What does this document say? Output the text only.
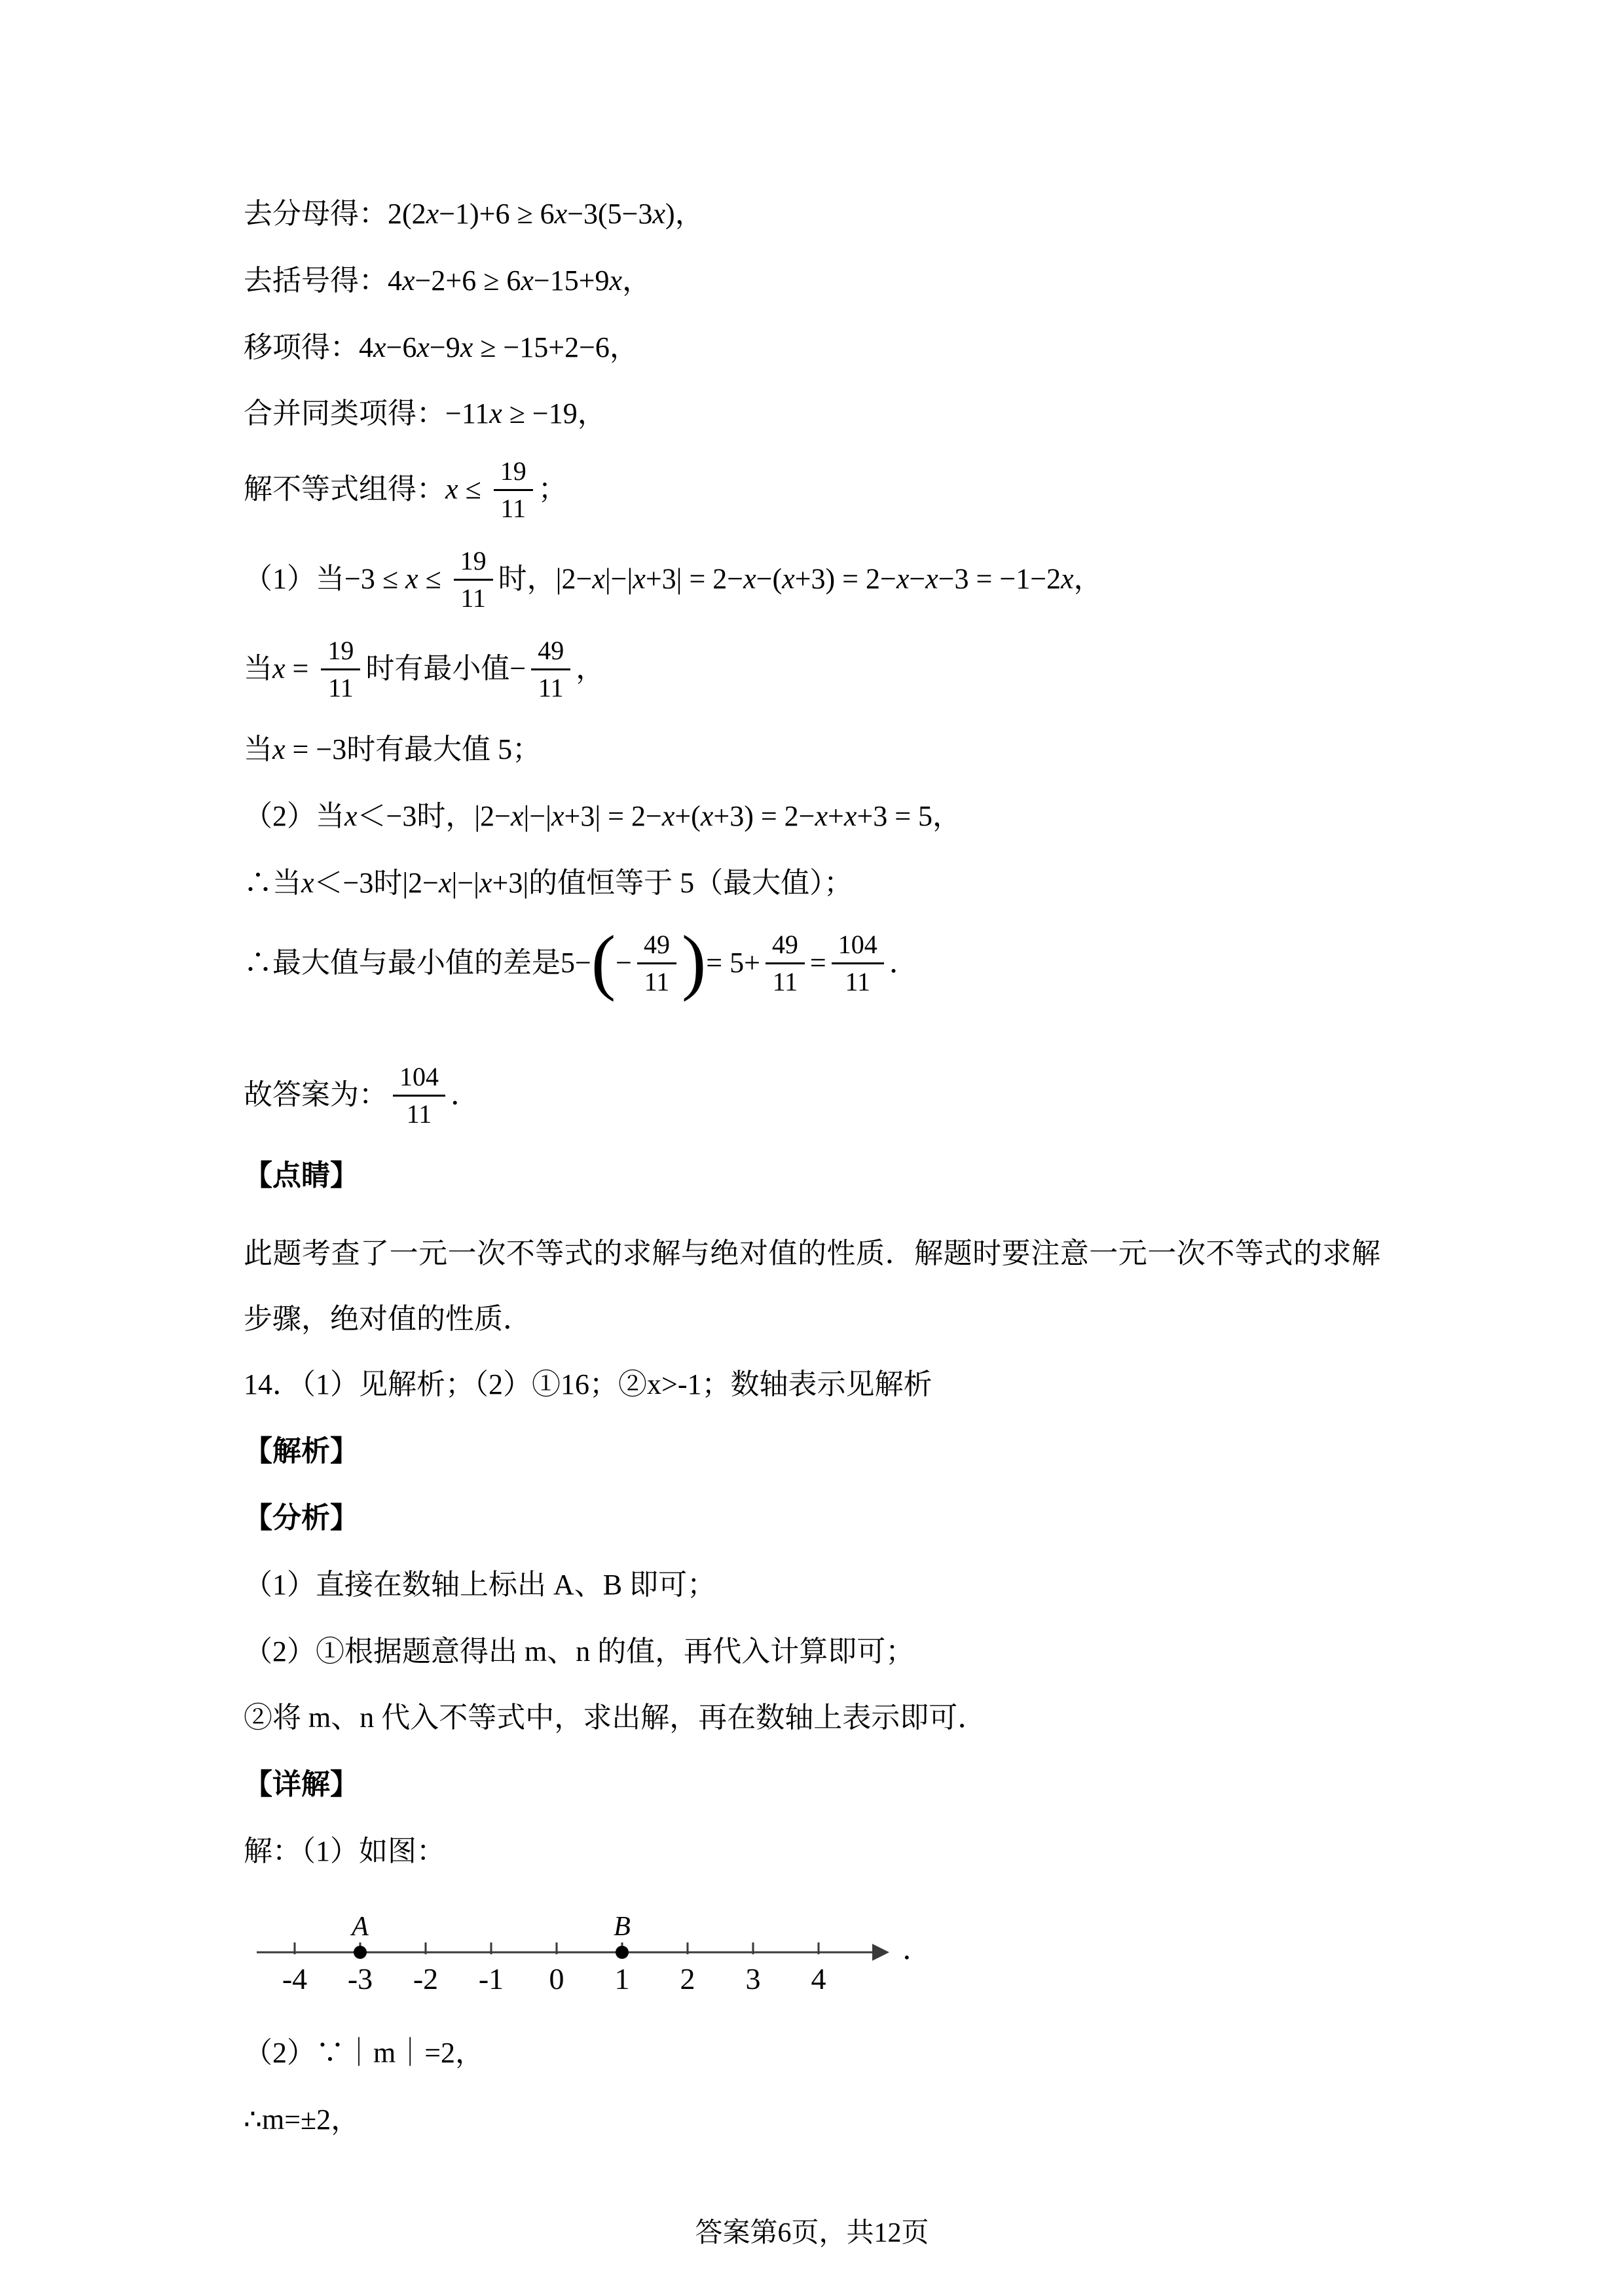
去分母得：2(2x−1)+6 ≥ 6x−3(5−3x)，
去括号得：4x−2+6 ≥ 6x−15+9x，
移项得：4x−6x−9x ≥ −15+2−6，
合并同类项得：−11x ≥ −19，
解不等式组得：$x \le \frac{19}{11}$ ；
（1）当$-3 \le x \le \frac{19}{11}$ 时，|2−x|−|x+3| = 2−x−(x+3) = 2−x−x−3 = −1−2x，
当$x = \frac{19}{11}$ 时有最小值− $\frac{49}{11}$ ，
当x = −3时有最大值 5；
（2）当x＜−3时，|2−x|−|x+3| = 2−x+(x+3) = 2−x+x+3 = 5，
∴当x＜−3时|2−x|−|x+3|的值恒等于 5（最大值）；
∴最大值与最小值的差是$5-(- \frac{49}{11}$ )= $5+ \frac{49}{11} = \frac{104}{11}$ ．
故答案为： $\frac{104}{11}$ ．
【点睛】
此题考查了一元一次不等式的求解与绝对值的性质．解题时要注意一元一次不等式的求解步骤，绝对值的性质．
14．（1）见解析；（2）①16；②x>-1；数轴表示见解析
【解析】
【分析】
（1）直接在数轴上标出 A、B 即可；
（2）①根据题意得出 m、n 的值，再代入计算即可；
②将 m、n 代入不等式中，求出解，再在数轴上表示即可．
【详解】
解：（1）如图：
-4 -3 -2 -1 0 1 2 3 4
A	B
．
（2）∵｜m｜=2，
∴m=±2，
答案第6页，共12页
